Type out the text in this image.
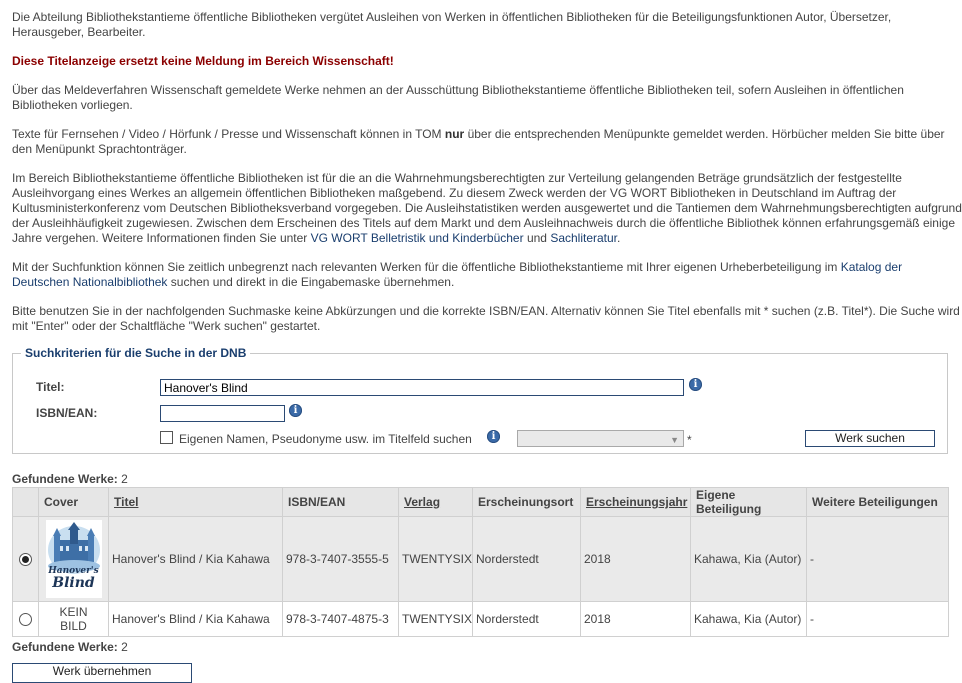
Die Abteilung Bibliothekstantieme öffentliche Bibliotheken vergütet Ausleihen von Werken in öffentlichen Bibliotheken für die Beteiligungsfunktionen Autor, Übersetzer, Herausgeber, Bearbeiter.

Diese Titelanzeige ersetzt keine Meldung im Bereich Wissenschaft!

Über das Meldeverfahren Wissenschaft gemeldete Werke nehmen an der Ausschüttung Bibliothekstantieme öffentliche Bibliotheken teil, sofern Ausleihen in öffentlichen Bibliotheken vorliegen.

Texte für Fernsehen / Video / Hörfunk / Presse und Wissenschaft können in TOM nur über die entsprechenden Menüpunkte gemeldet werden. Hörbücher melden Sie bitte über den Menüpunkt Sprachtonträger.

Im Bereich Bibliothekstantieme öffentliche Bibliotheken ist für die an die Wahrnehmungsberechtigten zur Verteilung gelangenden Beträge grundsätzlich der festgestellte Ausleihvorgang eines Werkes an allgemein öffentlichen Bibliotheken maßgebend. Zu diesem Zweck werden der VG WORT Bibliotheken in Deutschland im Auftrag der Kultusministerkonferenz vom Deutschen Bibliotheksverband vorgegeben. Die Ausleihstatistiken werden ausgewertet und die Tantiemen dem Wahrnehmungsberechtigten aufgrund der Ausleihhäufigkeit zugewiesen. Zwischen dem Erscheinen des Titels auf dem Markt und dem Ausleihnachweis durch die öffentliche Bibliothek können erfahrungsgemäß einige Jahre vergehen. Weitere Informationen finden Sie unter VG WORT Belletristik und Kinderbücher und Sachliteratur.

Mit der Suchfunktion können Sie zeitlich unbegrenzt nach relevanten Werken für die öffentliche Bibliothekstantieme mit Ihrer eigenen Urheberbeteiligung im Katalog der Deutschen Nationalbibliothek suchen und direkt in die Eingabemaske übernehmen.

Bitte benutzen Sie in der nachfolgenden Suchmaske keine Abkürzungen und die korrekte ISBN/EAN. Alternativ können Sie Titel ebenfalls mit * suchen (z.B. Titel*). Die Suche wird mit "Enter" oder der Schaltfläche "Werk suchen" gestartet.

Suchkriterien für die Suche in der DNB
Titel:	Hanover's Blind	i
ISBN/EAN:	i
Eigenen Namen, Pseudonyme usw. im Titelfeld suchen	i	▼ *	Werk suchen
Gefundene Werke: 2
	Cover	Titel	ISBN/EAN	Verlag	Erscheinungsort	Erscheinungsjahr	Eigene Beteiligung	Weitere Beteiligungen

	Hanover's
Blind	Hanover's Blind / Kia Kahawa	978-3-7407-3555-5	TWENTYSIX	Norderstedt	2018	Kahawa, Kia (Autor)	-
	KEIN
BILD	Hanover's Blind / Kia Kahawa	978-3-7407-4875-3	TWENTYSIX	Norderstedt	2018	Kahawa, Kia (Autor)	-
Gefundene Werke: 2
Werk übernehmen
